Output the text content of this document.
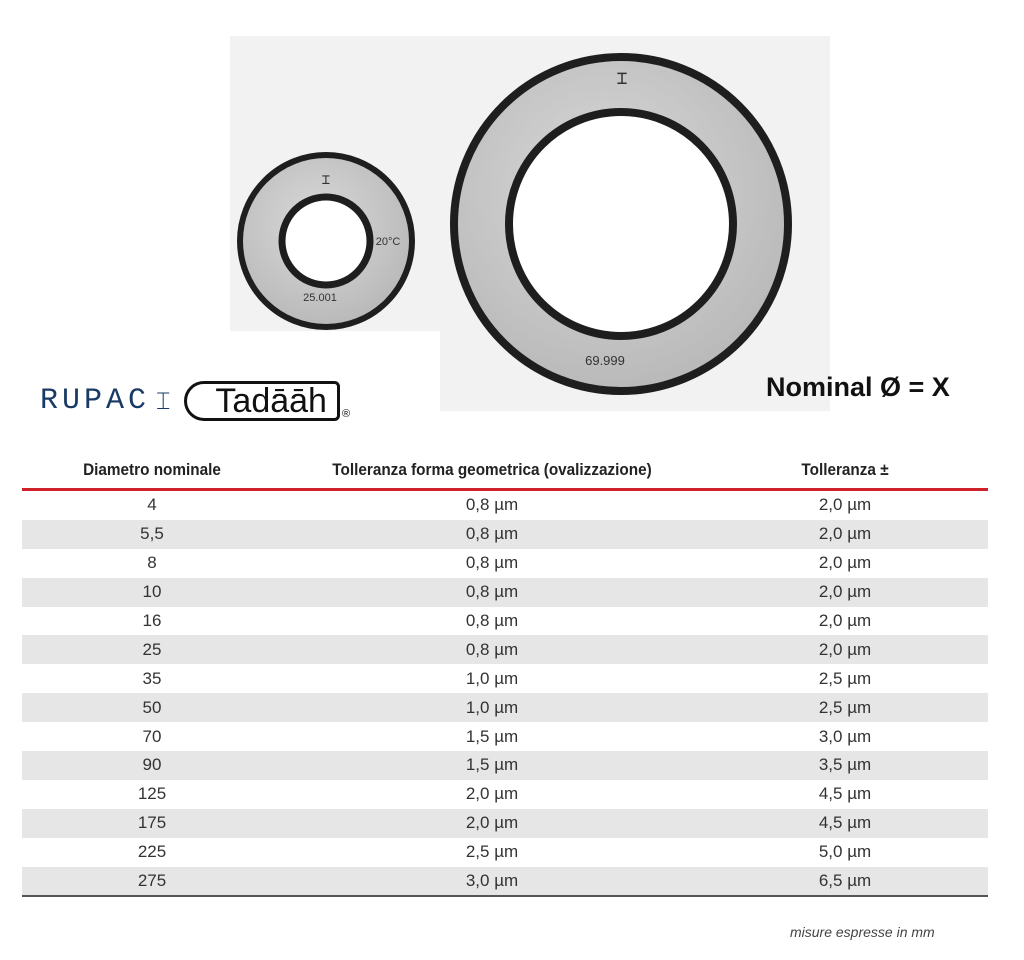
⌶
25.001
20°C
⌶
69.999
RUPAC ⌶	Tadāāh	®
Nominal Ø = X
Diametro nominale	Tolleranza forma geometrica (ovalizzazione)	Tolleranza ±
4	0,8 µm	2,0 µm
5,5	0,8 µm	2,0 µm
8	0,8 µm	2,0 µm
10	0,8 µm	2,0 µm
16	0,8 µm	2,0 µm
25	0,8 µm	2,0 µm
35	1,0 µm	2,5 µm
50	1,0 µm	2,5 µm
70	1,5 µm	3,0 µm
90	1,5 µm	3,5 µm
125	2,0 µm	4,5 µm
175	2,0 µm	4,5 µm
225	2,5 µm	5,0 µm
275	3,0 µm	6,5 µm
misure espresse in mm
